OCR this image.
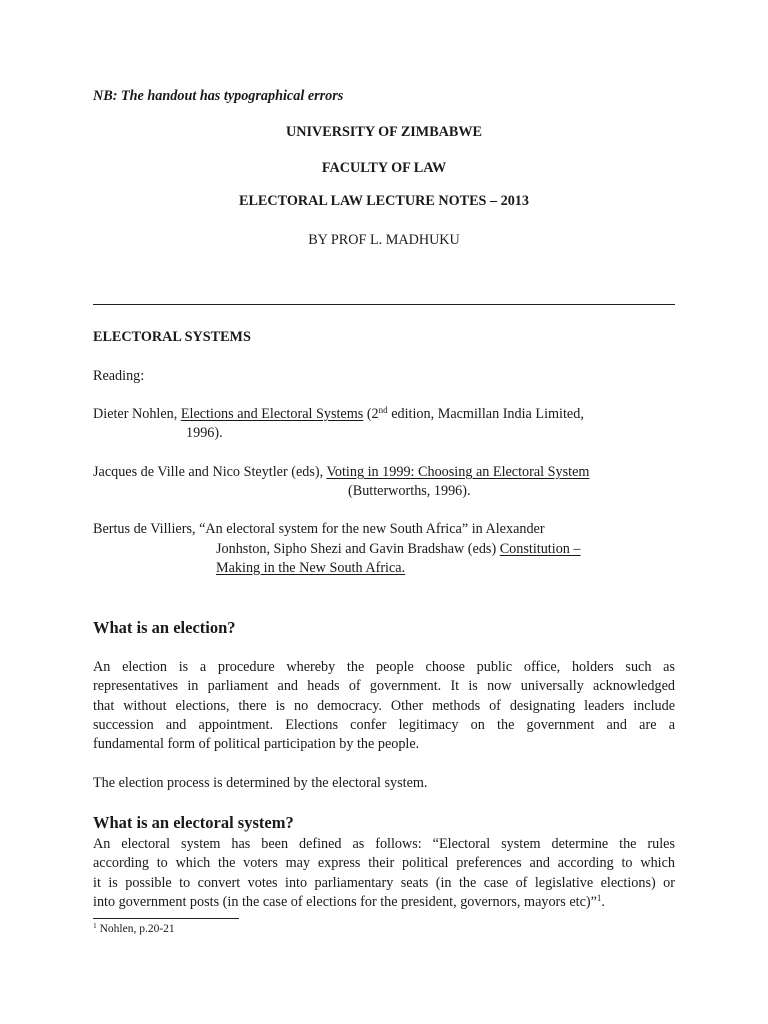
NB: The handout has typographical errors
UNIVERSITY OF ZIMBABWE
FACULTY OF LAW
ELECTORAL LAW LECTURE NOTES – 2013
BY PROF L. MADHUKU
ELECTORAL SYSTEMS
Reading:
Dieter Nohlen, Elections and Electoral Systems (2nd edition, Macmillan India Limited,
1996).
Jacques de Ville and Nico Steytler (eds), Voting in 1999: Choosing an Electoral System
(Butterworths, 1996).
Bertus de Villiers, “An electoral system for the new South Africa” in Alexander
Jonhston, Sipho Shezi and Gavin Bradshaw (eds) Constitution –
Making in the New South Africa.
What is an election?
An election is a procedure whereby the people choose public office, holders such as
representatives in parliament and heads of government. It is now universally acknowledged
that without elections, there is no democracy. Other methods of designating leaders include
succession and appointment. Elections confer legitimacy on the government and are a
fundamental form of political participation by the people.
The election process is determined by the electoral system.
What is an electoral system?
An electoral system has been defined as follows: “Electoral system determine the rules
according to which the voters may express their political preferences and according to which
it is possible to convert votes into parliamentary seats (in the case of legislative elections) or
into government posts (in the case of elections for the president, governors, mayors etc)”$^1$.
$^1$ Nohlen, p.20-21
